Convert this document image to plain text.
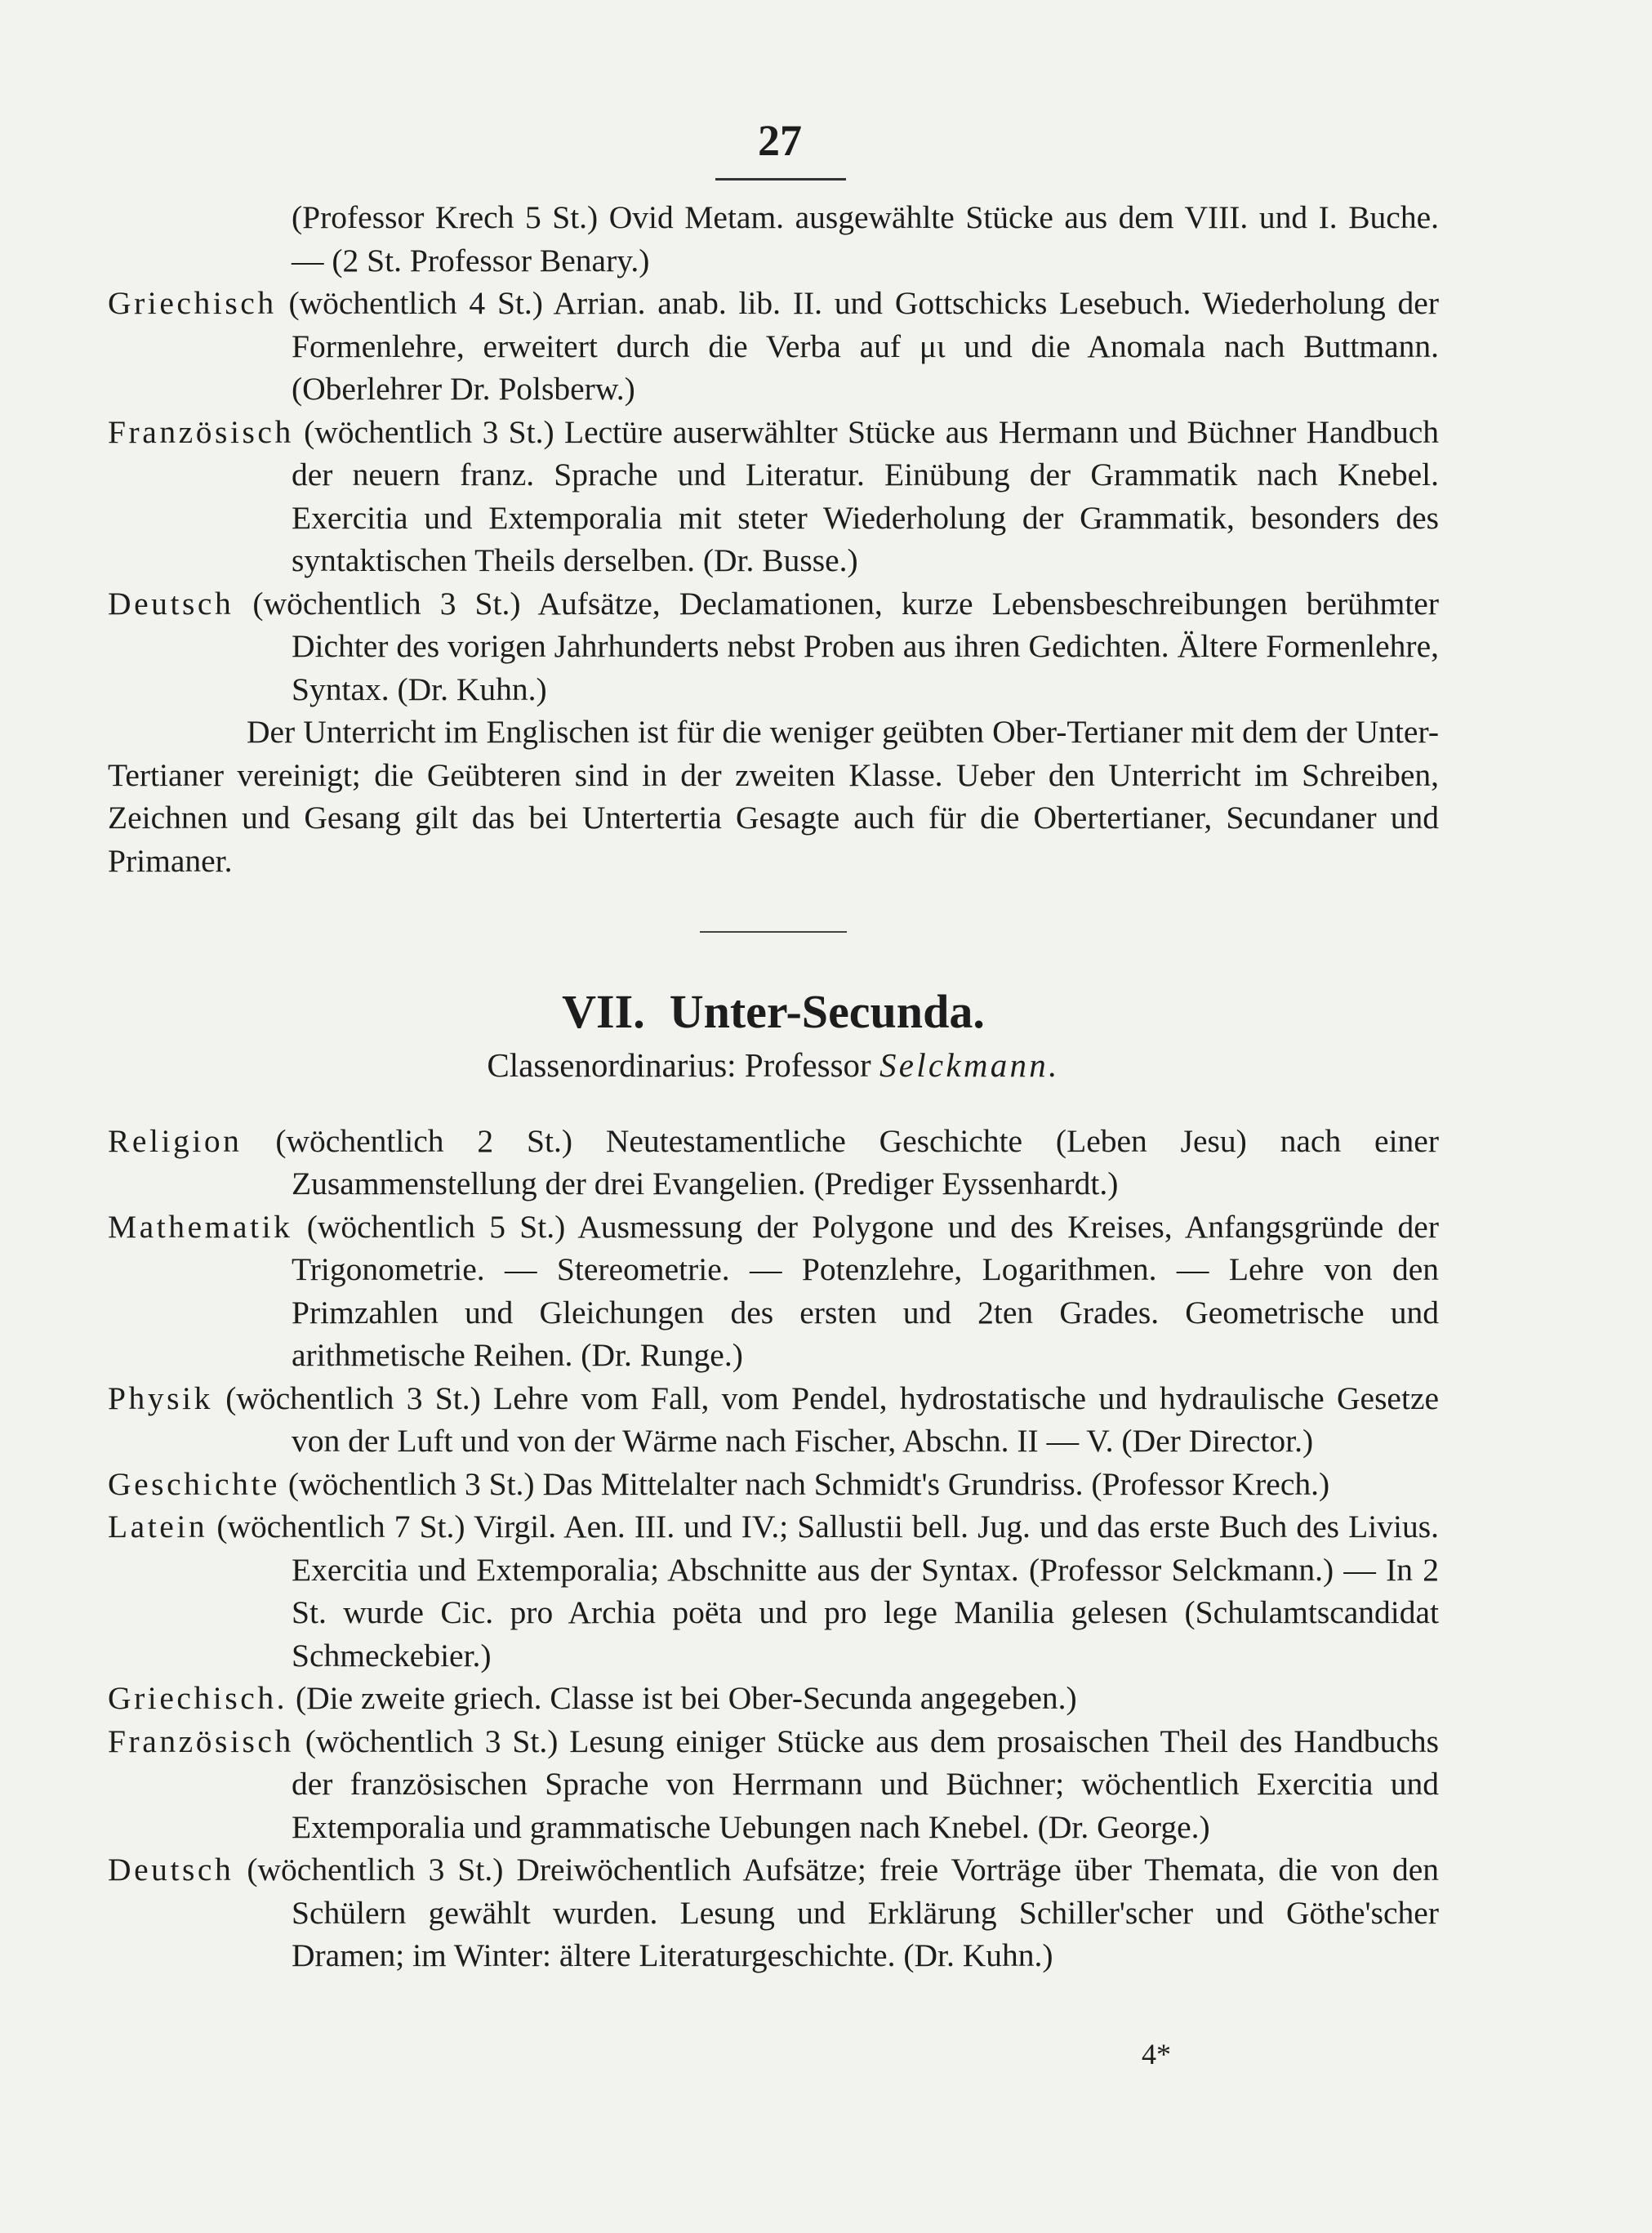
27

(Professor Krech 5 St.) Ovid Metam. ausgewählte Stücke aus dem VIII. und I. Buche. — (2 St. Professor Benary.)

Griechisch (wöchentlich 4 St.) Arrian. anab. lib. II. und Gottschicks Lesebuch. Wiederholung der Formenlehre, erweitert durch die Verba auf μι und die Anomala nach Buttmann. (Oberlehrer Dr. Polsberw.)

Französisch (wöchentlich 3 St.) Lectüre auserwählter Stücke aus Hermann und Büchner Handbuch der neuern franz. Sprache und Literatur. Einübung der Grammatik nach Knebel. Exercitia und Extemporalia mit steter Wiederholung der Grammatik, besonders des syntaktischen Theils derselben. (Dr. Busse.)

Deutsch (wöchentlich 3 St.) Aufsätze, Declamationen, kurze Lebensbeschreibungen berühmter Dichter des vorigen Jahrhunderts nebst Proben aus ihren Gedichten. Ältere Formenlehre, Syntax. (Dr. Kuhn.)

Der Unterricht im Englischen ist für die weniger geübten Ober-Tertianer mit dem der Unter-Tertianer vereinigt; die Geübteren sind in der zweiten Klasse. Ueber den Unterricht im Schreiben, Zeichnen und Gesang gilt das bei Untertertia Gesagte auch für die Obertertianer, Secundaner und Primaner.

VII. Unter-Secunda.
Classenordinarius: Professor Selckmann.

Religion (wöchentlich 2 St.) Neutestamentliche Geschichte (Leben Jesu) nach einer Zusammenstellung der drei Evangelien. (Prediger Eyssenhardt.)

Mathematik (wöchentlich 5 St.) Ausmessung der Polygone und des Kreises, Anfangsgründe der Trigonometrie. — Stereometrie. — Potenzlehre, Logarithmen. — Lehre von den Primzahlen und Gleichungen des ersten und 2ten Grades. Geometrische und arithmetische Reihen. (Dr. Runge.)

Physik (wöchentlich 3 St.) Lehre vom Fall, vom Pendel, hydrostatische und hydraulische Gesetze von der Luft und von der Wärme nach Fischer, Abschn. II — V. (Der Director.)

Geschichte (wöchentlich 3 St.) Das Mittelalter nach Schmidt's Grundriss. (Professor Krech.)

Latein (wöchentlich 7 St.) Virgil. Aen. III. und IV.; Sallustii bell. Jug. und das erste Buch des Livius. Exercitia und Extemporalia; Abschnitte aus der Syntax. (Professor Selckmann.) — In 2 St. wurde Cic. pro Archia poëta und pro lege Manilia gelesen (Schulamtscandidat Schmeckebier.)

Griechisch. (Die zweite griech. Classe ist bei Ober-Secunda angegeben.)

Französisch (wöchentlich 3 St.) Lesung einiger Stücke aus dem prosaischen Theil des Handbuchs der französischen Sprache von Herrmann und Büchner; wöchentlich Exercitia und Extemporalia und grammatische Uebungen nach Knebel. (Dr. George.)

Deutsch (wöchentlich 3 St.) Dreiwöchentlich Aufsätze; freie Vorträge über Themata, die von den Schülern gewählt wurden. Lesung und Erklärung Schiller'scher und Göthe'scher Dramen; im Winter: ältere Literaturgeschichte. (Dr. Kuhn.)

4*
